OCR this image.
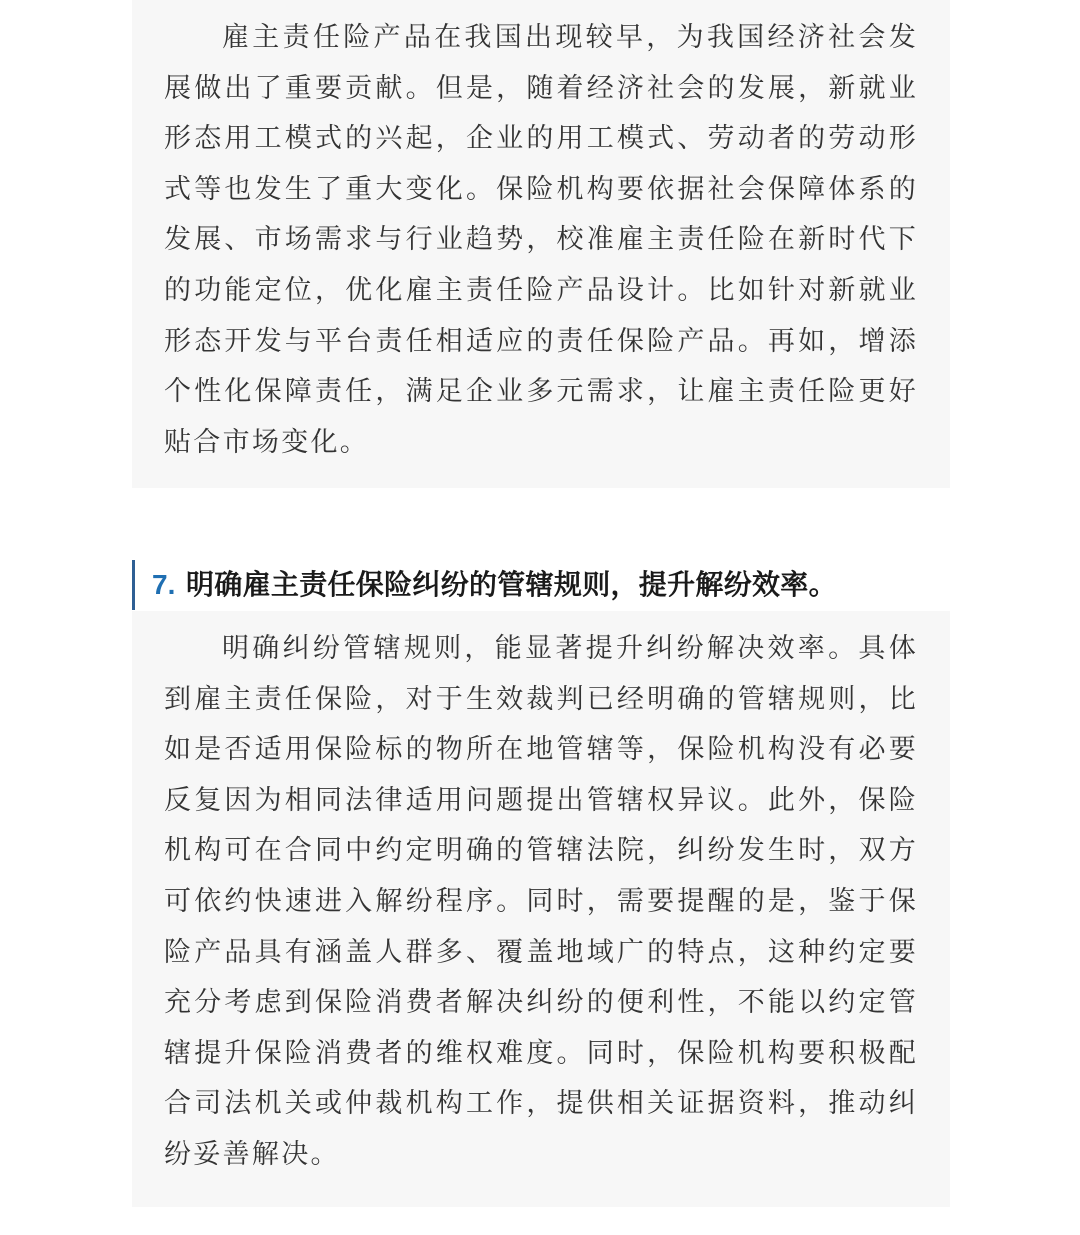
雇主责任险产品在我国出现较早，为我国经济社会发展做出了重要贡献。但是，随着经济社会的发展，新就业形态用工模式的兴起，企业的用工模式、劳动者的劳动形式等也发生了重大变化。保险机构要依据社会保障体系的发展、市场需求与行业趋势，校准雇主责任险在新时代下的功能定位，优化雇主责任险产品设计。比如针对新就业形态开发与平台责任相适应的责任保险产品。再如，增添个性化保障责任，满足企业多元需求，让雇主责任险更好贴合市场变化。

7. 明确雇主责任保险纠纷的管辖规则，提升解纷效率。

明确纠纷管辖规则，能显著提升纠纷解决效率。具体到雇主责任保险，对于生效裁判已经明确的管辖规则，比如是否适用保险标的物所在地管辖等，保险机构没有必要反复因为相同法律适用问题提出管辖权异议。此外，保险机构可在合同中约定明确的管辖法院，纠纷发生时，双方可依约快速进入解纷程序。同时，需要提醒的是，鉴于保险产品具有涵盖人群多、覆盖地域广的特点，这种约定要充分考虑到保险消费者解决纠纷的便利性，不能以约定管辖提升保险消费者的维权难度。同时，保险机构要积极配合司法机关或仲裁机构工作，提供相关证据资料，推动纠纷妥善解决。
